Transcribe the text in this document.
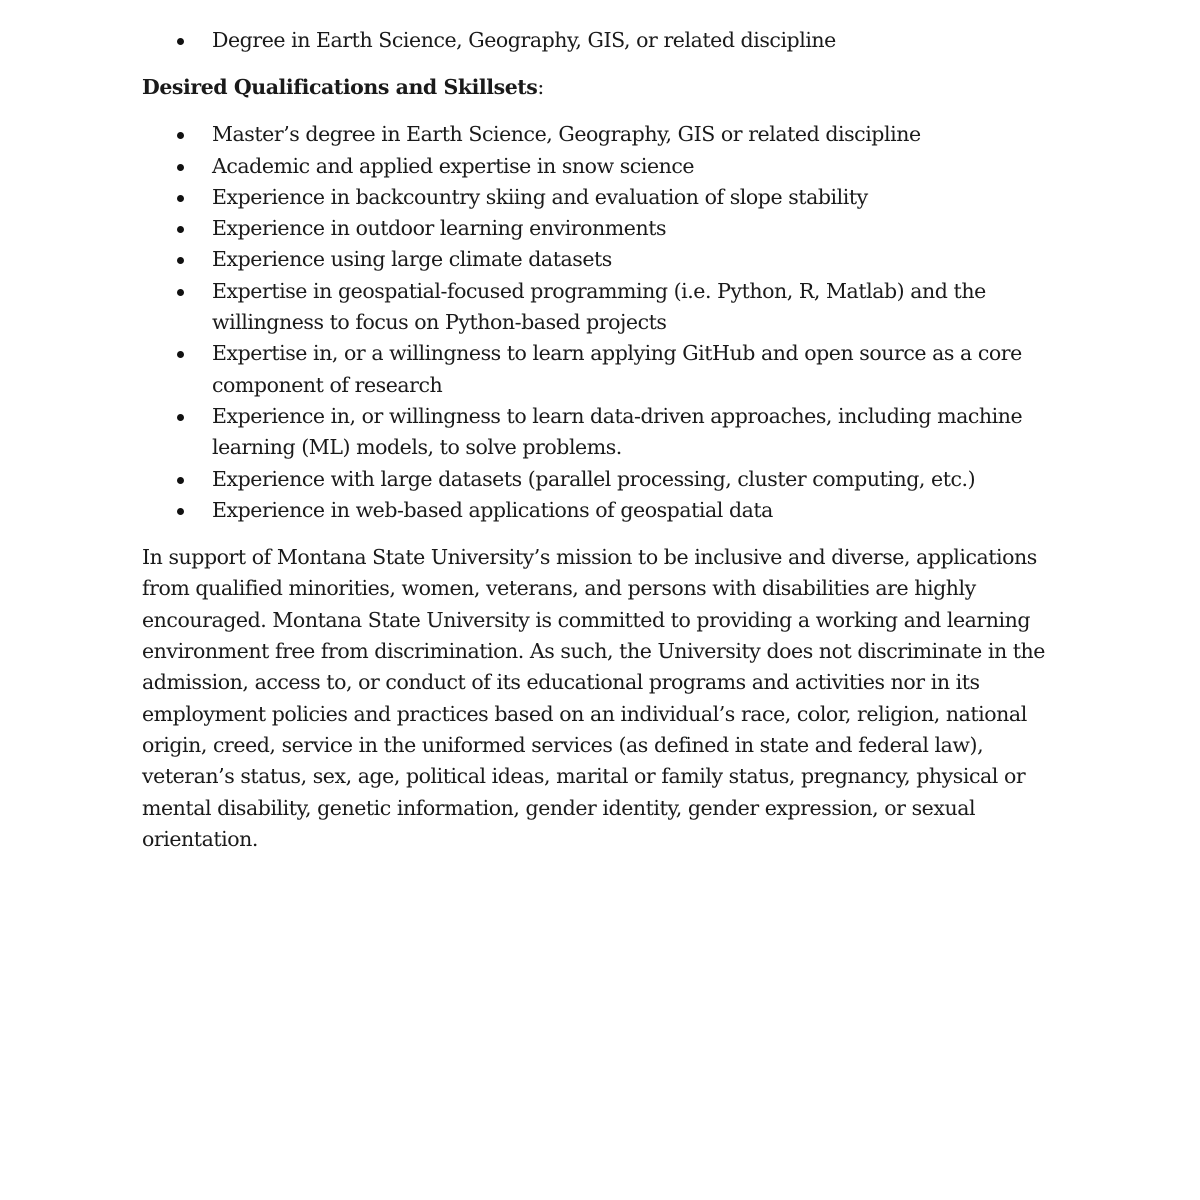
Degree in Earth Science, Geography, GIS, or related discipline
Desired Qualifications and Skillsets:
Master’s degree in Earth Science, Geography, GIS or related discipline
Academic and applied expertise in snow science
Experience in backcountry skiing and evaluation of slope stability
Experience in outdoor learning environments
Experience using large climate datasets
Expertise in geospatial-focused programming (i.e. Python, R, Matlab) and the willingness to focus on Python-based projects
Expertise in, or a willingness to learn applying GitHub and open source as a core component of research
Experience in, or willingness to learn data-driven approaches, including machine learning (ML) models, to solve problems.
Experience with large datasets (parallel processing, cluster computing, etc.)
Experience in web-based applications of geospatial data

In support of Montana State University’s mission to be inclusive and diverse, applications from qualified minorities, women, veterans, and persons with disabilities are highly encouraged. Montana State University is committed to providing a working and learning environment free from discrimination. As such, the University does not discriminate in the admission, access to, or conduct of its educational programs and activities nor in its employment policies and practices based on an individual’s race, color, religion, national origin, creed, service in the uniformed services (as defined in state and federal law), veteran’s status, sex, age, political ideas, marital or family status, pregnancy, physical or mental disability, genetic information, gender identity, gender expression, or sexual orientation.
